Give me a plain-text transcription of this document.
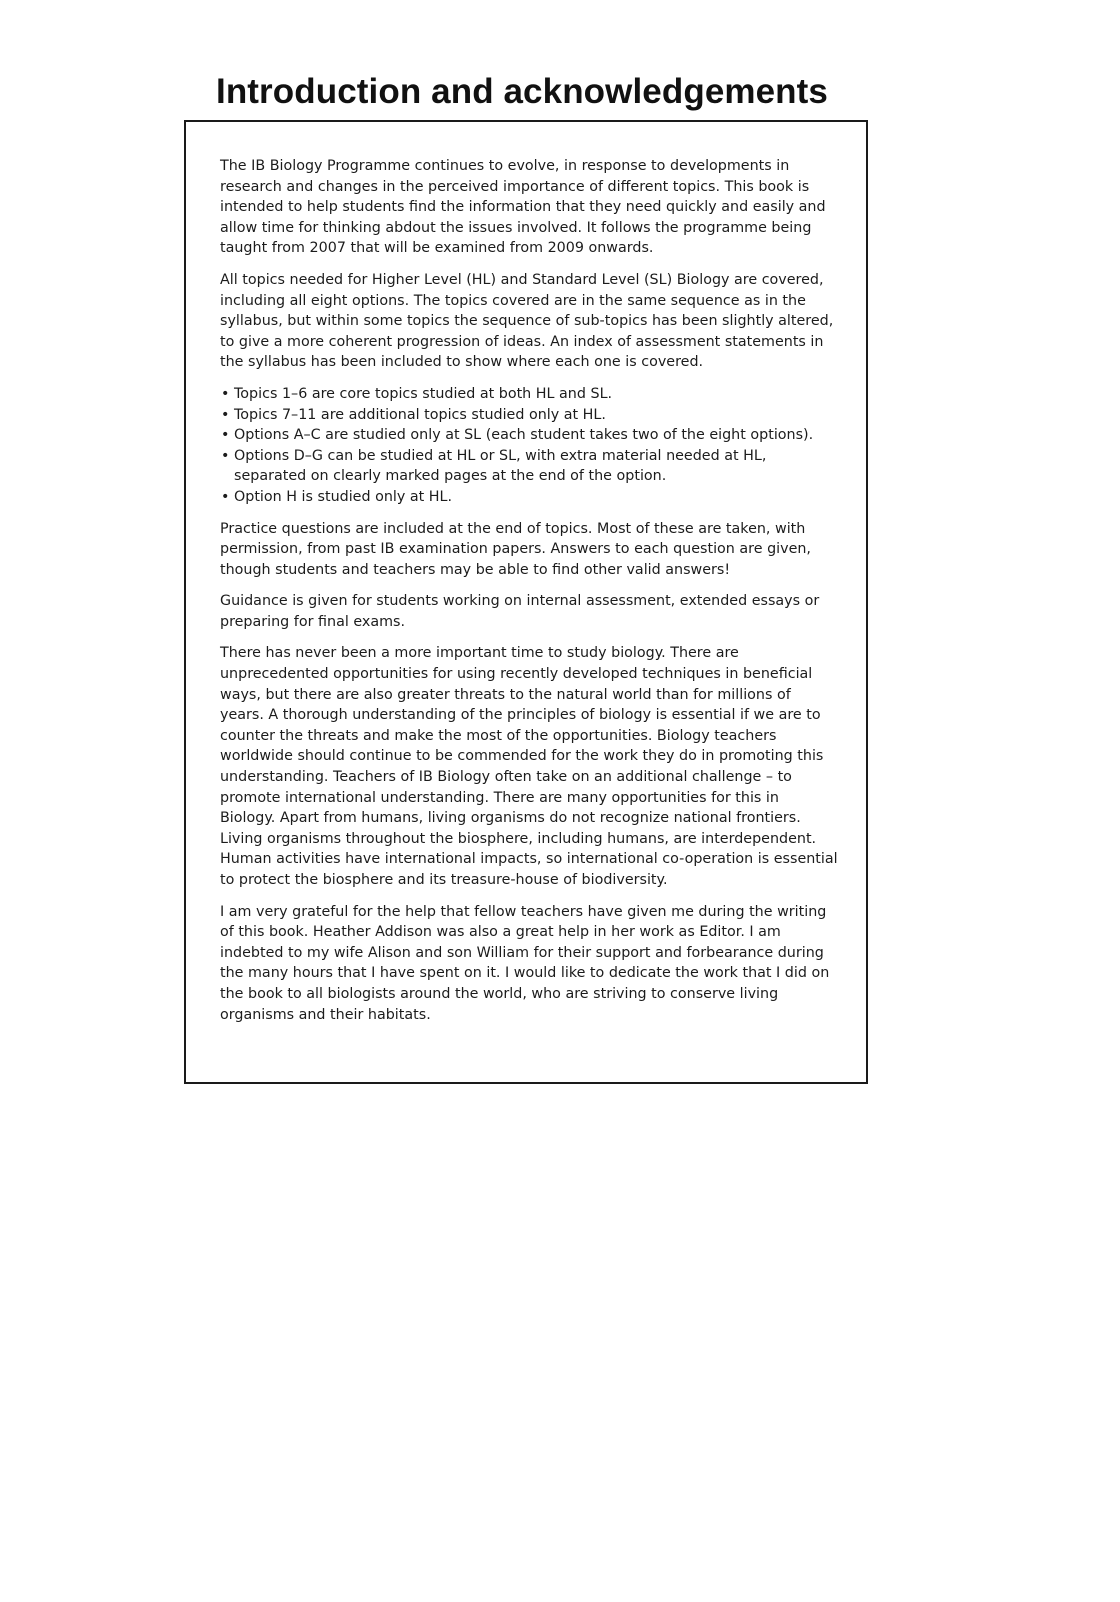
Introduction and acknowledgements

The IB Biology Programme continues to evolve, in response to developments in research and changes in the perceived importance of different topics. This book is intended to help students find the information that they need quickly and easily and allow time for thinking abdout the issues involved. It follows the programme being taught from 2007 that will be examined from 2009 onwards.

All topics needed for Higher Level (HL) and Standard Level (SL) Biology are covered, including all eight options. The topics covered are in the same sequence as in the syllabus, but within some topics the sequence of sub-topics has been slightly altered, to give a more coherent progression of ideas. An index of assessment statements in the syllabus has been included to show where each one is covered.

• Topics 1–6 are core topics studied at both HL and SL.
• Topics 7–11 are additional topics studied only at HL.
• Options A–C are studied only at SL (each student takes two of the eight options).
• Options D–G can be studied at HL or SL, with extra material needed at HL, separated on clearly marked pages at the end of the option.
• Option H is studied only at HL.

Practice questions are included at the end of topics. Most of these are taken, with permission, from past IB examination papers. Answers to each question are given, though students and teachers may be able to find other valid answers!

Guidance is given for students working on internal assessment, extended essays or preparing for final exams.

There has never been a more important time to study biology. There are unprecedented opportunities for using recently developed techniques in beneficial ways, but there are also greater threats to the natural world than for millions of years. A thorough understanding of the principles of biology is essential if we are to counter the threats and make the most of the opportunities. Biology teachers worldwide should continue to be commended for the work they do in promoting this understanding. Teachers of IB Biology often take on an additional challenge – to promote international understanding. There are many opportunities for this in Biology. Apart from humans, living organisms do not recognize national frontiers. Living organisms throughout the biosphere, including humans, are interdependent. Human activities have international impacts, so international co-operation is essential to protect the biosphere and its treasure-house of biodiversity.

I am very grateful for the help that fellow teachers have given me during the writing of this book. Heather Addison was also a great help in her work as Editor. I am indebted to my wife Alison and son William for their support and forbearance during the many hours that I have spent on it. I would like to dedicate the work that I did on the book to all biologists around the world, who are striving to conserve living organisms and their habitats.
